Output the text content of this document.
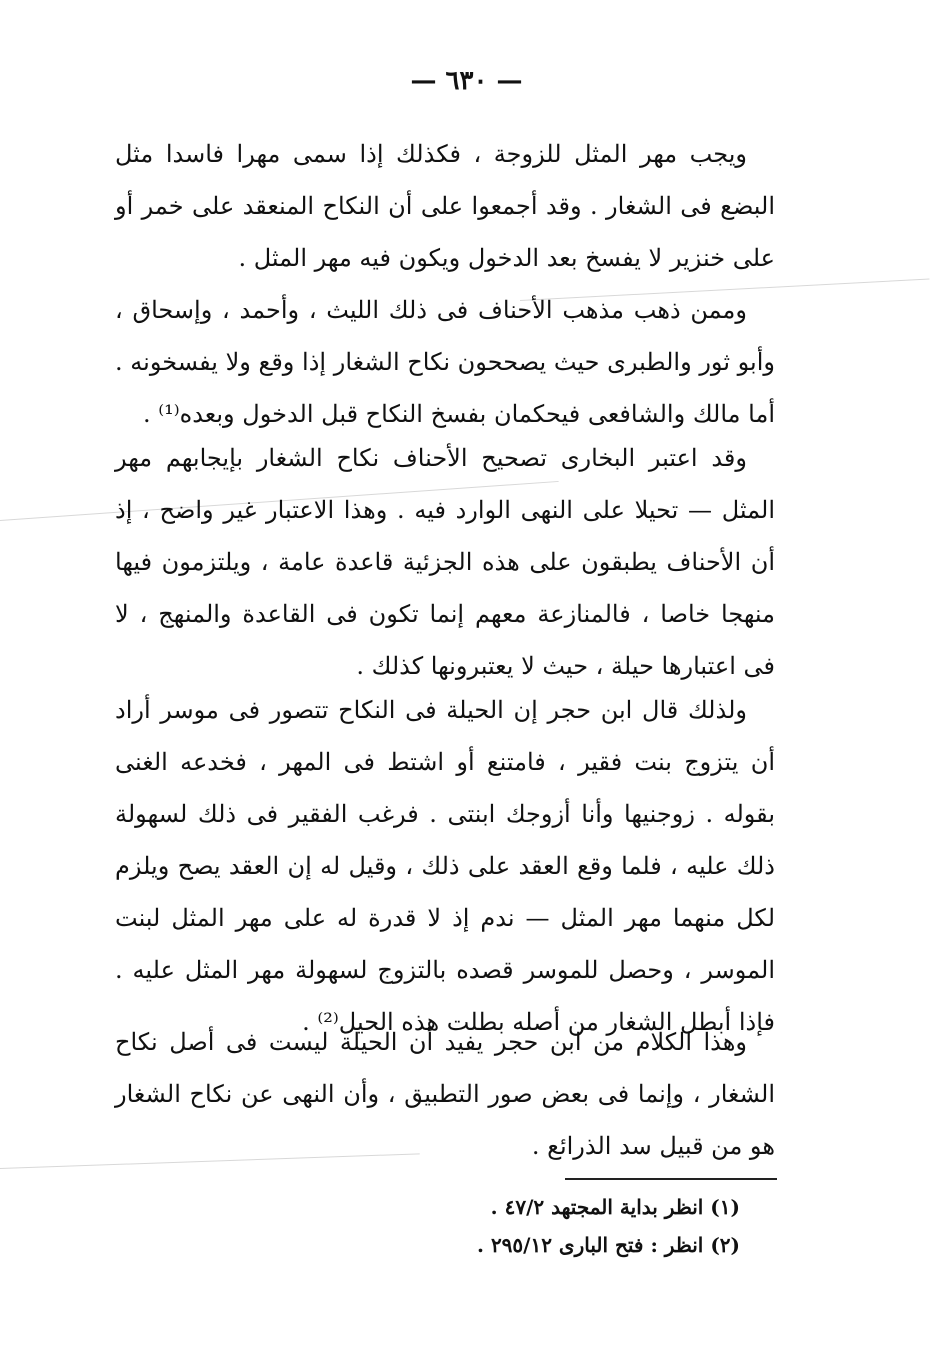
— ٦٣٠ —

ويجب مهر المثل للزوجة ، فكذلك إذا سمى مهرا فاسدا مثل البضع فى الشغار . وقد أجمعوا على أن النكاح المنعقد على خمر أو على خنزير لا يفسخ بعد الدخول ويكون فيه مهر المثل .

وممن ذهب مذهب الأحناف فى ذلك الليث ، وأحمد ، وإسحاق ، وأبو ثور والطبرى حيث يصححون نكاح الشغار إذا وقع ولا يفسخونه . أما مالك والشافعى فيحكمان بفسخ النكاح قبل الدخول وبعده⁽¹⁾ .

وقد اعتبر البخارى تصحيح الأحناف نكاح الشغار بإيجابهم مهر المثل — تحيلا على النهى الوارد فيه . وهذا الاعتبار غير واضح ، إذ أن الأحناف يطبقون على هذه الجزئية قاعدة عامة ، ويلتزمون فيها منهجا خاصا ، فالمنازعة معهم إنما تكون فى القاعدة والمنهج ، لا فى اعتبارها حيلة ، حيث لا يعتبرونها كذلك .

ولذلك قال ابن حجر إن الحيلة فى النكاح تتصور فى موسر أراد أن يتزوج بنت فقير ، فامتنع أو اشتط فى المهر ، فخدعه الغنى بقوله . زوجنيها وأنا أزوجك ابنتى . فرغب الفقير فى ذلك لسهولة ذلك عليه ، فلما وقع العقد على ذلك ، وقيل له إن العقد يصح ويلزم لكل منهما مهر المثل — ندم إذ لا قدرة له على مهر المثل لبنت الموسر ، وحصل للموسر قصده بالتزوج لسهولة مهر المثل عليه . فإذا أبطل الشغار من أصله بطلت هذه الحيل⁽²⁾ .

وهذا الكلام من ابن حجر يفيد أن الحيلة ليست فى أصل نكاح الشغار ، وإنما فى بعض صور التطبيق ، وأن النهى عن نكاح الشغار هو من قبيل سد الذرائع .

(١) انظر بداية المجتهد ٤٧/٢ .
(٢) انظر : فتح البارى ٢٩٥/١٢ .
